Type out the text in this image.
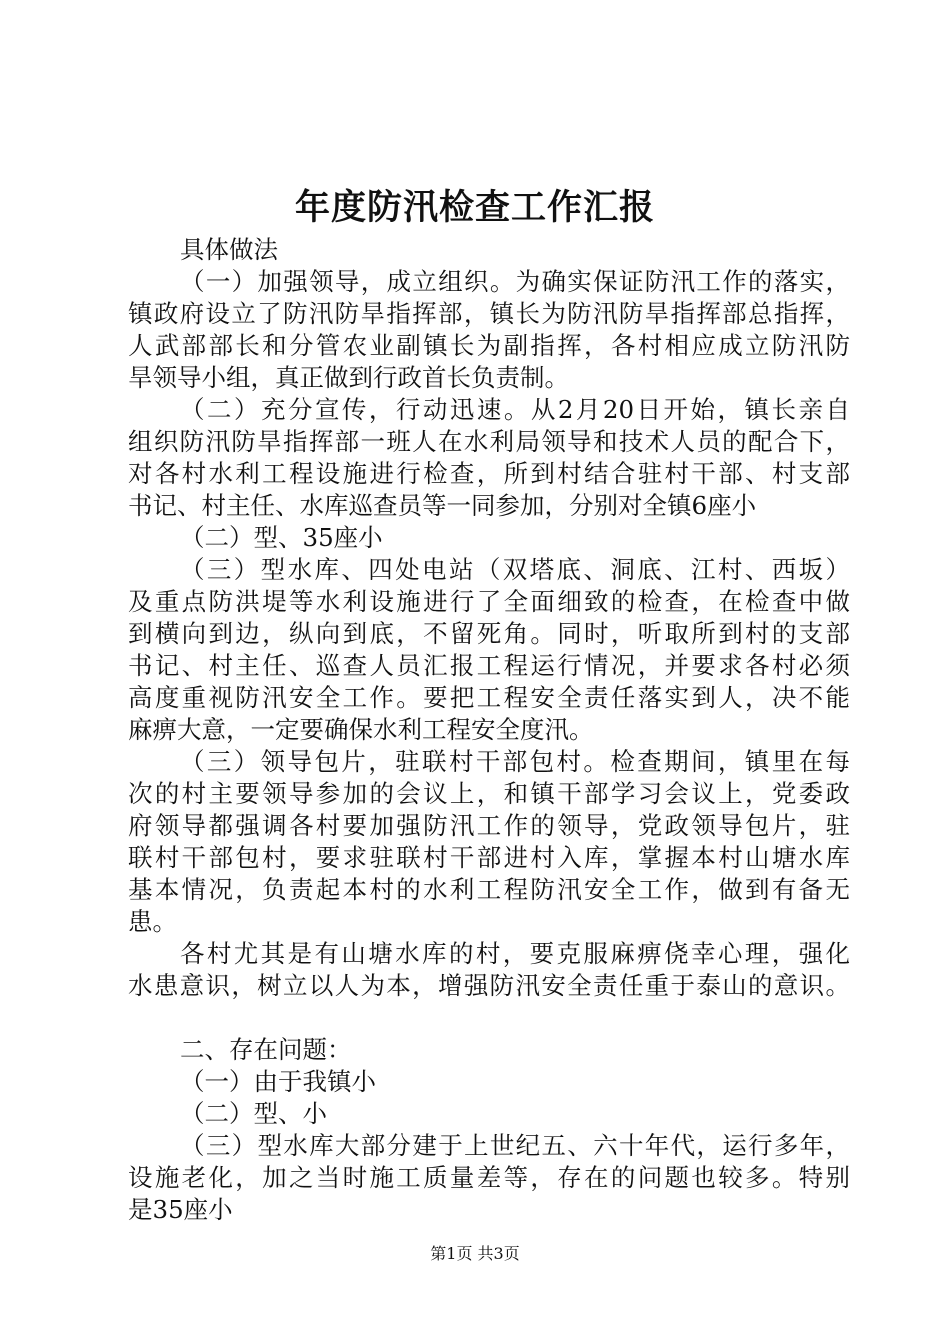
年度防汛检查工作汇报

具体做法

（一）加强领导，成立组织。为确实保证防汛工作的落实，

镇政府设立了防汛防旱指挥部，镇长为防汛防旱指挥部总指挥，

人武部部长和分管农业副镇长为副指挥，各村相应成立防汛防

旱领导小组，真正做到行政首长负责制。

（二）充分宣传，行动迅速。从2月20日开始，镇长亲自

组织防汛防旱指挥部一班人在水利局领导和技术人员的配合下，

对各村水利工程设施进行检查，所到村结合驻村干部、村支部

书记、村主任、水库巡查员等一同参加，分别对全镇6座小

（二）型、35座小

（三）型水库、四处电站（双塔底、洞底、江村、西坂）

及重点防洪堤等水利设施进行了全面细致的检查，在检查中做

到横向到边，纵向到底，不留死角。同时，听取所到村的支部

书记、村主任、巡查人员汇报工程运行情况，并要求各村必须

高度重视防汛安全工作。要把工程安全责任落实到人，决不能

麻痹大意，一定要确保水利工程安全度汛。

（三）领导包片，驻联村干部包村。检查期间，镇里在每

次的村主要领导参加的会议上，和镇干部学习会议上，党委政

府领导都强调各村要加强防汛工作的领导，党政领导包片，驻

联村干部包村，要求驻联村干部进村入库，掌握本村山塘水库

基本情况，负责起本村的水利工程防汛安全工作，做到有备无

患。

各村尤其是有山塘水库的村，要克服麻痹侥幸心理，强化

水患意识，树立以人为本，增强防汛安全责任重于泰山的意识。

二、存在问题：

（一）由于我镇小

（二）型、小

（三）型水库大部分建于上世纪五、六十年代，运行多年，

设施老化，加之当时施工质量差等，存在的问题也较多。特别

是35座小

第1页 共3页
